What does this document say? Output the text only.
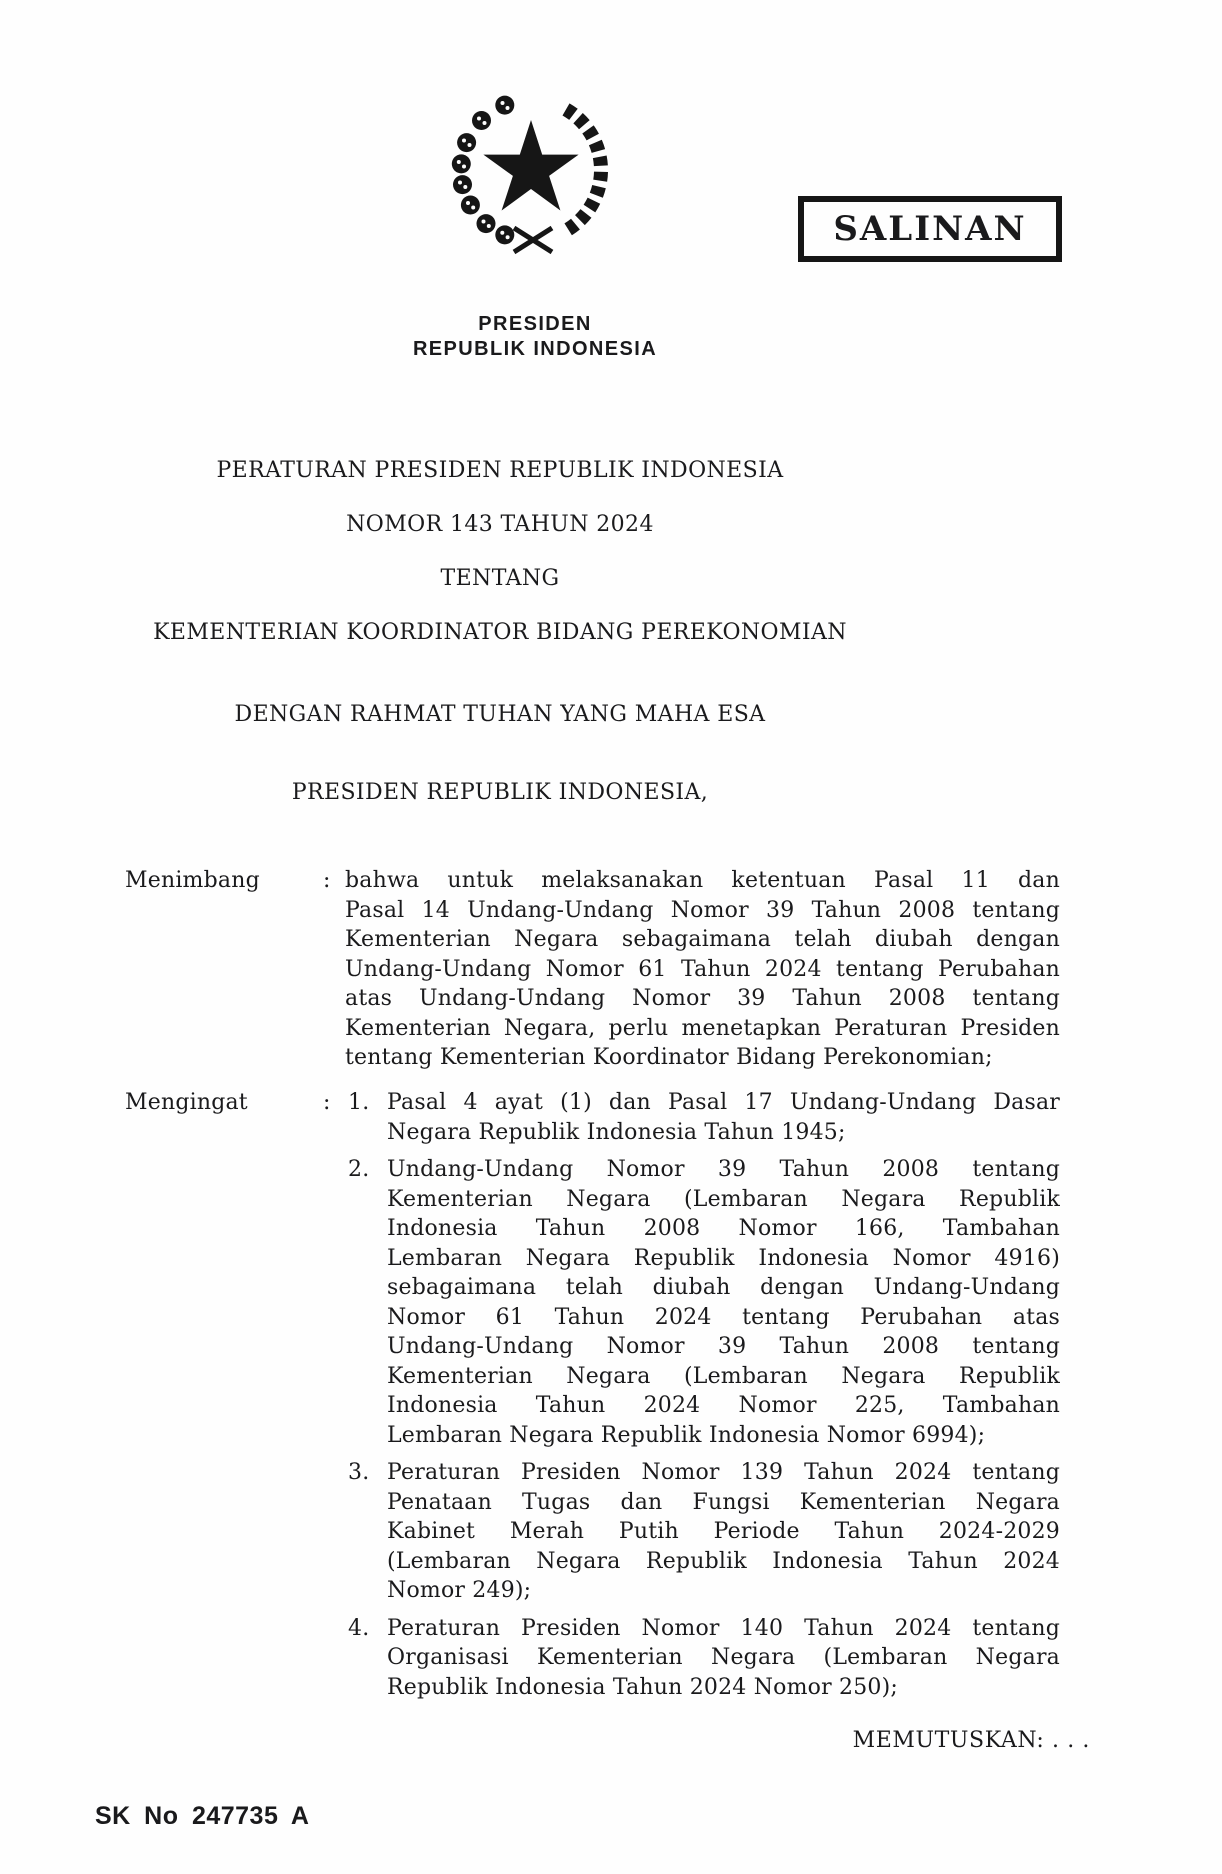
SALINAN
PRESIDEN
REPUBLIK INDONESIA
PERATURAN PRESIDEN REPUBLIK INDONESIA
NOMOR 143 TAHUN 2024
TENTANG
KEMENTERIAN KOORDINATOR BIDANG PEREKONOMIAN
DENGAN RAHMAT TUHAN YANG MAHA ESA
PRESIDEN REPUBLIK INDONESIA,
Menimbang	: bahwa untuk melaksanakan ketentuan Pasal 11 dan
Pasal 14 Undang-Undang Nomor 39 Tahun 2008 tentang
Kementerian Negara sebagaimana telah diubah dengan
Undang-Undang Nomor 61 Tahun 2024 tentang Perubahan
atas Undang-Undang Nomor 39 Tahun 2008 tentang
Kementerian Negara, perlu menetapkan Peraturan Presiden
tentang Kementerian Koordinator Bidang Perekonomian;
Mengingat	: 1. Pasal 4 ayat (1) dan Pasal 17 Undang-Undang Dasar
Negara Republik Indonesia Tahun 1945;
2. Undang-Undang Nomor 39 Tahun 2008 tentang
Kementerian Negara (Lembaran Negara Republik
Indonesia Tahun 2008 Nomor 166, Tambahan
Lembaran Negara Republik Indonesia Nomor 4916)
sebagaimana telah diubah dengan Undang-Undang
Nomor 61 Tahun 2024 tentang Perubahan atas
Undang-Undang Nomor 39 Tahun 2008 tentang
Kementerian Negara (Lembaran Negara Republik
Indonesia Tahun 2024 Nomor 225, Tambahan
Lembaran Negara Republik Indonesia Nomor 6994);
3. Peraturan Presiden Nomor 139 Tahun 2024 tentang
Penataan Tugas dan Fungsi Kementerian Negara
Kabinet Merah Putih Periode Tahun 2024-2029
(Lembaran Negara Republik Indonesia Tahun 2024
Nomor 249);
4. Peraturan Presiden Nomor 140 Tahun 2024 tentang
Organisasi Kementerian Negara (Lembaran Negara
Republik Indonesia Tahun 2024 Nomor 250);
MEMUTUSKAN: . . .
SK No 247735 A
